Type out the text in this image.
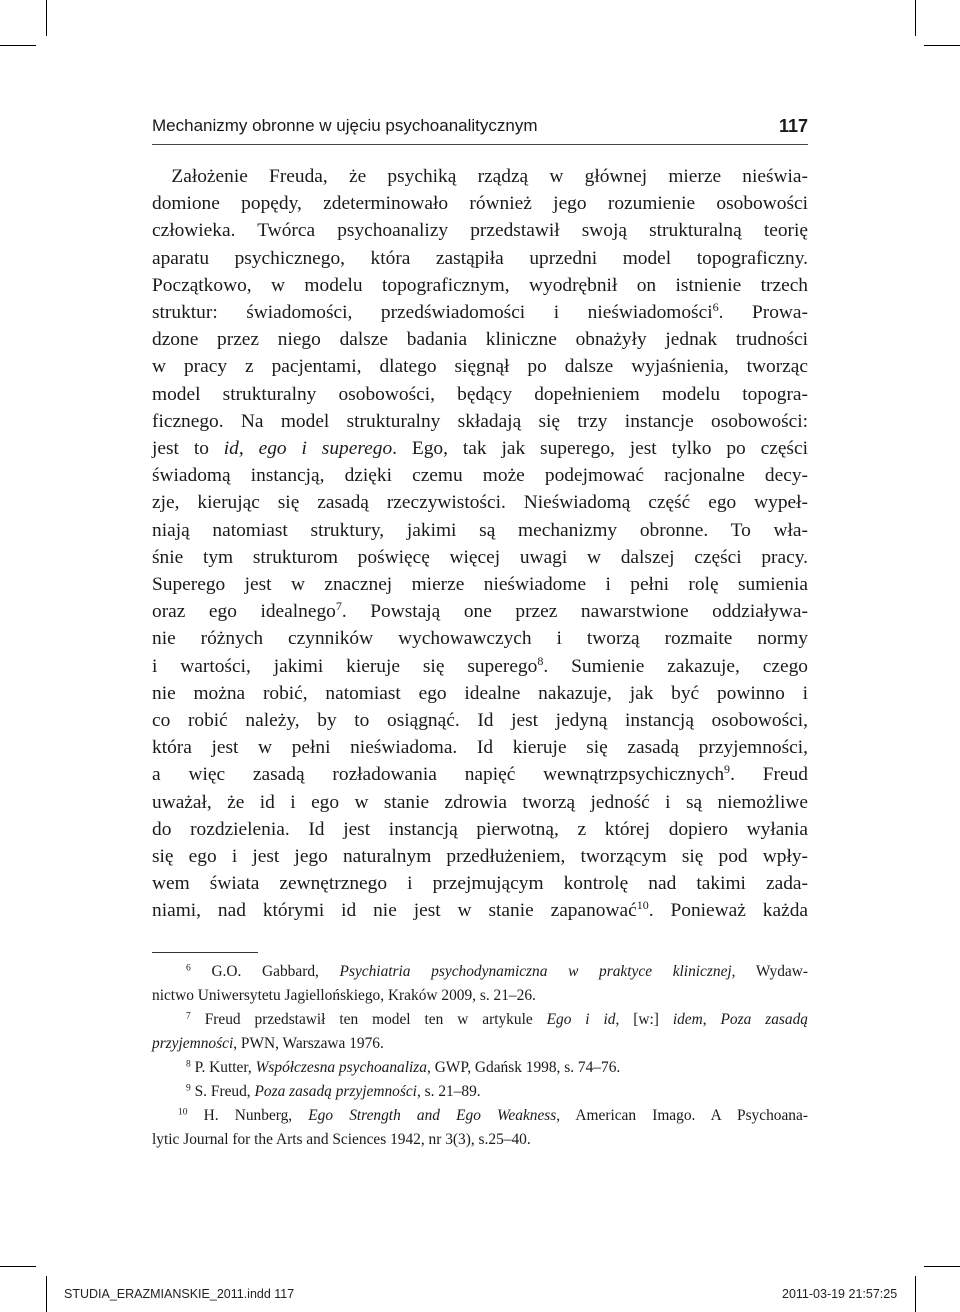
Mechanizmy obronne w ujęciu psychoanalitycznym	117
 Założenie Freuda, że psychiką rządzą w głównej mierze nieświa-
domione popędy, zdeterminowało również jego rozumienie osobowości
człowieka. Twórca psychoanalizy przedstawił swoją strukturalną teorię
aparatu psychicznego, która zastąpiła uprzedni model topograficzny.
Początkowo, w modelu topograficznym, wyodrębnił on istnienie trzech
struktur: świadomości, przedświadomości i nieświadomości$^6$. Prowa-
dzone przez niego dalsze badania kliniczne obnażyły jednak trudności
w pracy z pacjentami, dlatego sięgnął po dalsze wyjaśnienia, tworząc
model strukturalny osobowości, będący dopełnieniem modelu topogra-
ficznego. Na model strukturalny składają się trzy instancje osobowości:
jest to id, ego i superego. Ego, tak jak superego, jest tylko po części
świadomą instancją, dzięki czemu może podejmować racjonalne decy-
zje, kierując się zasadą rzeczywistości. Nieświadomą część ego wypeł-
niają natomiast struktury, jakimi są mechanizmy obronne. To wła-
śnie tym strukturom poświęcę więcej uwagi w dalszej części pracy.
Superego jest w znacznej mierze nieświadome i pełni rolę sumienia
oraz ego idealnego$^7$. Powstają one przez nawarstwione oddziaływa-
nie różnych czynników wychowawczych i tworzą rozmaite normy
i wartości, jakimi kieruje się superego$^8$. Sumienie zakazuje, czego
nie można robić, natomiast ego idealne nakazuje, jak być powinno i
co robić należy, by to osiągnąć. Id jest jedyną instancją osobowości,
która jest w pełni nieświadoma. Id kieruje się zasadą przyjemności,
a więc zasadą rozładowania napięć wewnątrzpsychicznych$^9$. Freud
uważał, że id i ego w stanie zdrowia tworzą jedność i są niemożliwe
do rozdzielenia. Id jest instancją pierwotną, z której dopiero wyłania
się ego i jest jego naturalnym przedłużeniem, tworzącym się pod wpły-
wem świata zewnętrznego i przejmującym kontrolę nad takimi zada-
niami, nad którymi id nie jest w stanie zapanować$^{10}$. Ponieważ każda
$^6$ G.O. Gabbard, Psychiatria psychodynamiczna w praktyce klinicznej, Wydaw-
nictwo Uniwersytetu Jagiellońskiego, Kraków 2009, s. 21–26.
$^7$ Freud przedstawił ten model ten w artykule Ego i id, [w:] idem, Poza zasadą
przyjemności, PWN, Warszawa 1976.
$^8$ P. Kutter, Współczesna psychoanaliza, GWP, Gdańsk 1998, s. 74–76.
$^9$ S. Freud, Poza zasadą przyjemności, s. 21–89.
$^{10}$ H. Nunberg, Ego Strength and Ego Weakness, American Imago. A Psychoana-
lytic Journal for the Arts and Sciences 1942, nr 3(3), s.25–40.
STUDIA_ERAZMIANSKIE_2011.indd 117	2011-03-19 21:57:25
